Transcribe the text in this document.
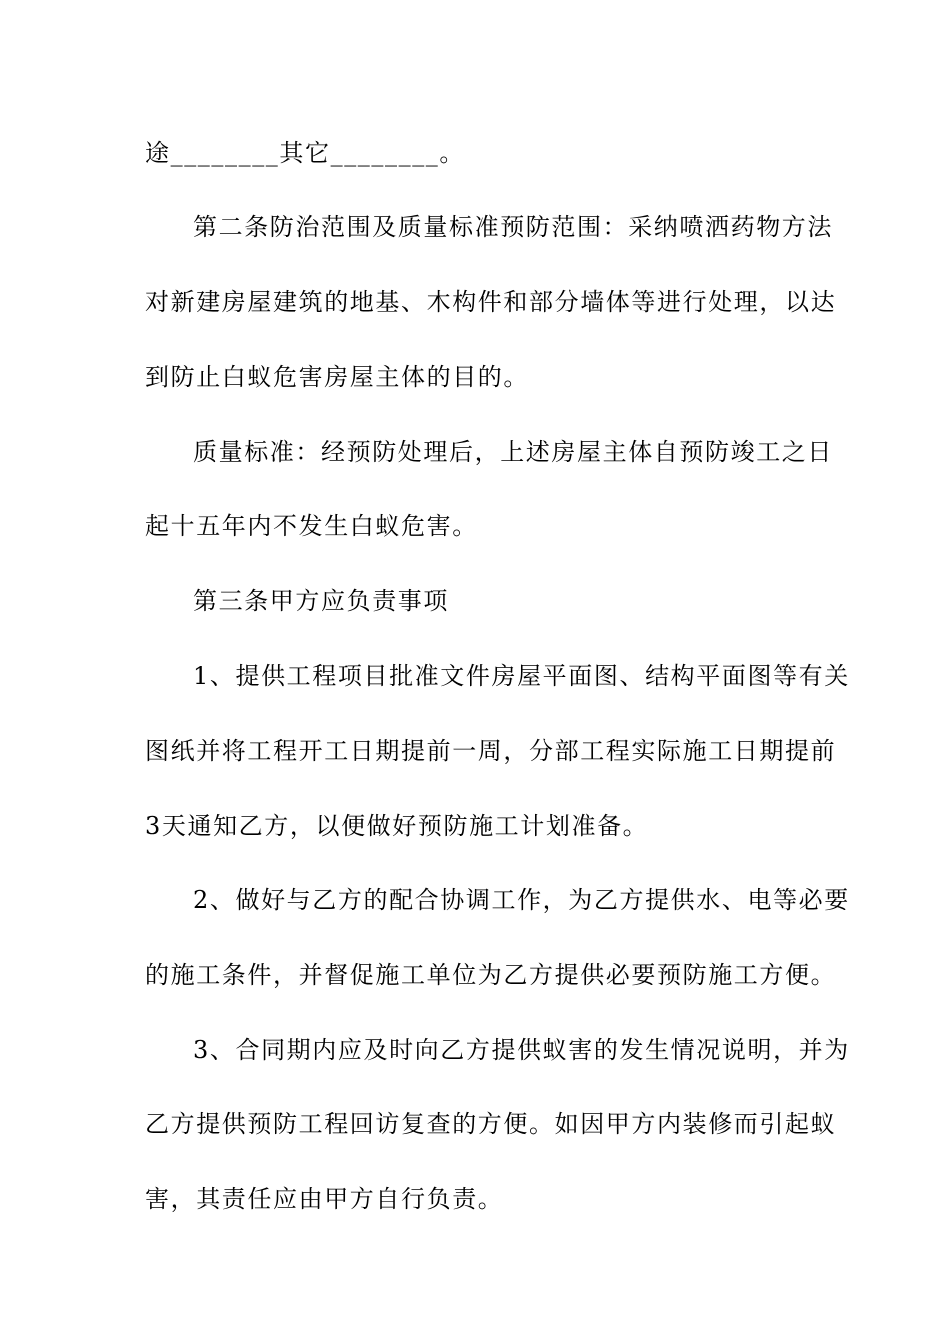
途________其它________。
第二条防治范围及质量标准预防范围：采纳喷洒药物方法
对新建房屋建筑的地基、木构件和部分墙体等进行处理，以达
到防止白蚁危害房屋主体的目的。
质量标准：经预防处理后，上述房屋主体自预防竣工之日
起十五年内不发生白蚁危害。
第三条甲方应负责事项
1、提供工程项目批准文件房屋平面图、结构平面图等有关
图纸并将工程开工日期提前一周，分部工程实际施工日期提前
3天通知乙方，以便做好预防施工计划准备。
2、做好与乙方的配合协调工作，为乙方提供水、电等必要
的施工条件，并督促施工单位为乙方提供必要预防施工方便。
3、合同期内应及时向乙方提供蚁害的发生情况说明，并为
乙方提供预防工程回访复查的方便。如因甲方内装修而引起蚁
害，其责任应由甲方自行负责。
